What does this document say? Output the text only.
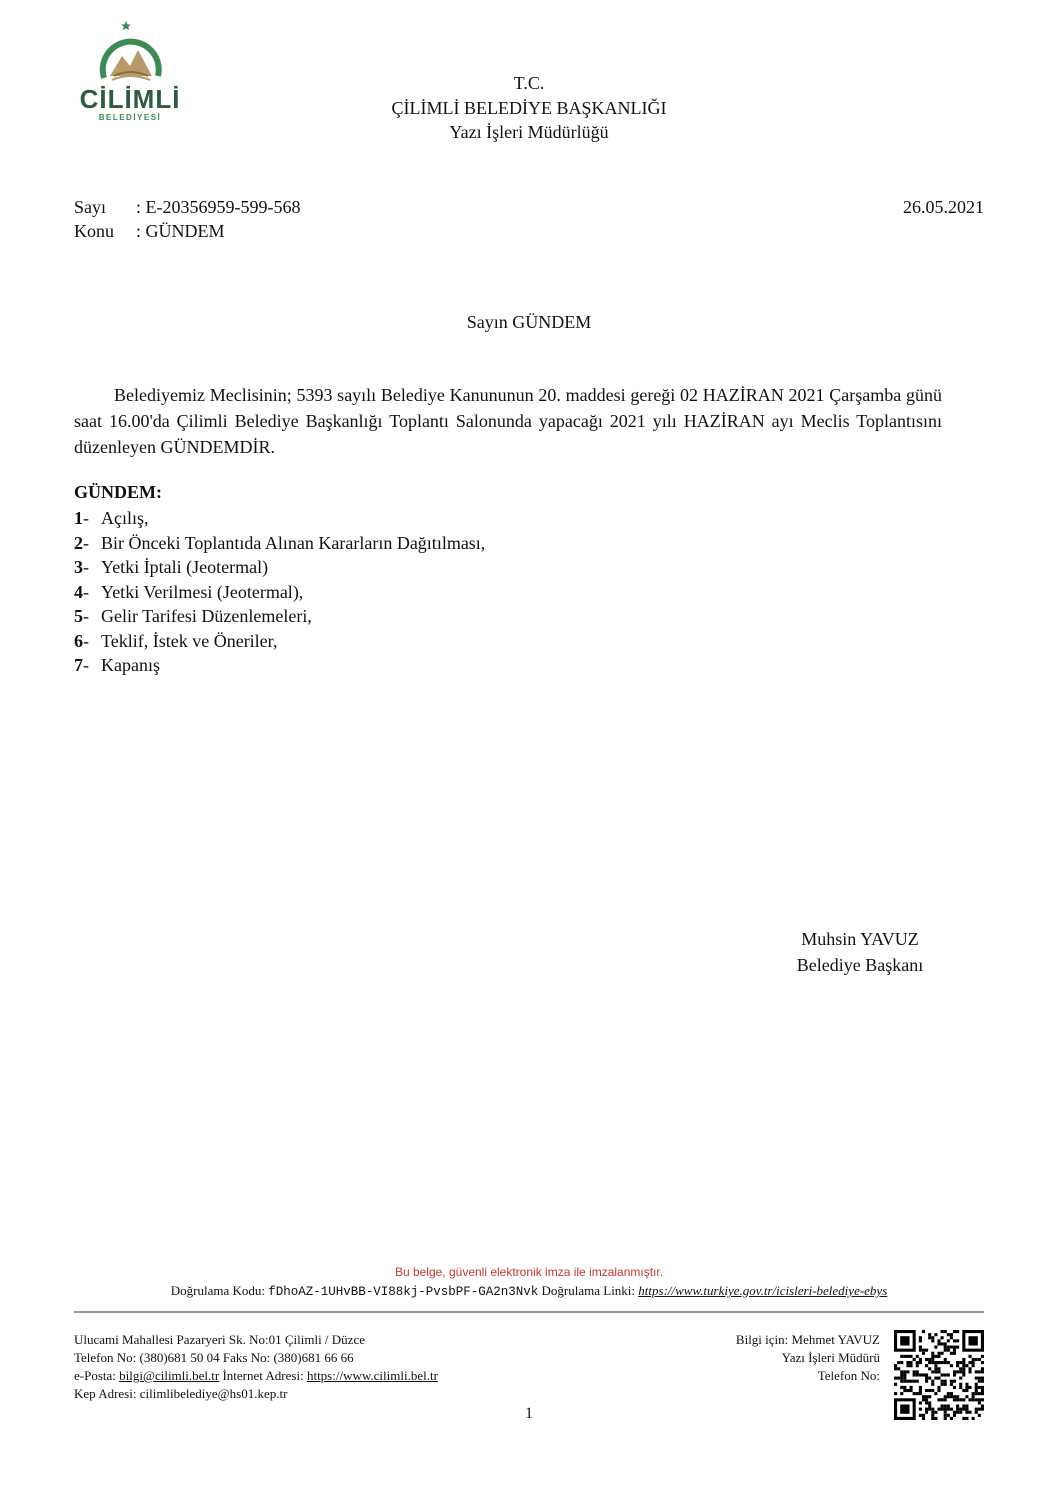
CİLİMLİ
BELEDİYESİ
T.C.
ÇİLİMLİ BELEDİYE BAŞKANLIĞI
Yazı İşleri Müdürlüğü
Sayı : E-20356959-599-568
Konu : GÜNDEM
26.05.2021
Sayın GÜNDEM
Belediyemiz Meclisinin; 5393 sayılı Belediye Kanununun 20. maddesi gereği 02 HAZİRAN 2021 Çarşamba günü saat 16.00'da Çilimli Belediye Başkanlığı Toplantı Salonunda yapacağı 2021 yılı HAZİRAN ayı Meclis Toplantısını düzenleyen GÜNDEMDİR.
GÜNDEM:
1- Açılış,
2- Bir Önceki Toplantıda Alınan Kararların Dağıtılması,
3- Yetki İptali (Jeotermal)
4- Yetki Verilmesi (Jeotermal),
5- Gelir Tarifesi Düzenlemeleri,
6- Teklif, İstek ve Öneriler,
7- Kapanış
Muhsin YAVUZ
Belediye Başkanı
Bu belge, güvenli elektronik imza ile imzalanmıştır.
Doğrulama Kodu: fDhoAZ-1UHvBB-VI88kj-PvsbPF-GA2n3Nvk Doğrulama Linki: https://www.turkiye.gov.tr/icisleri-belediye-ebys
Ulucami Mahallesi Pazaryeri Sk. No:01 Çilimli / Düzce
Telefon No: (380)681 50 04 Faks No: (380)681 66 66
e-Posta: bilgi@cilimli.bel.tr İnternet Adresi: https://www.cilimli.bel.tr
Kep Adresi: cilimlibelediye@hs01.kep.tr
Bilgi için: Mehmet YAVUZ
Yazı İşleri Müdürü
Telefon No:
1
